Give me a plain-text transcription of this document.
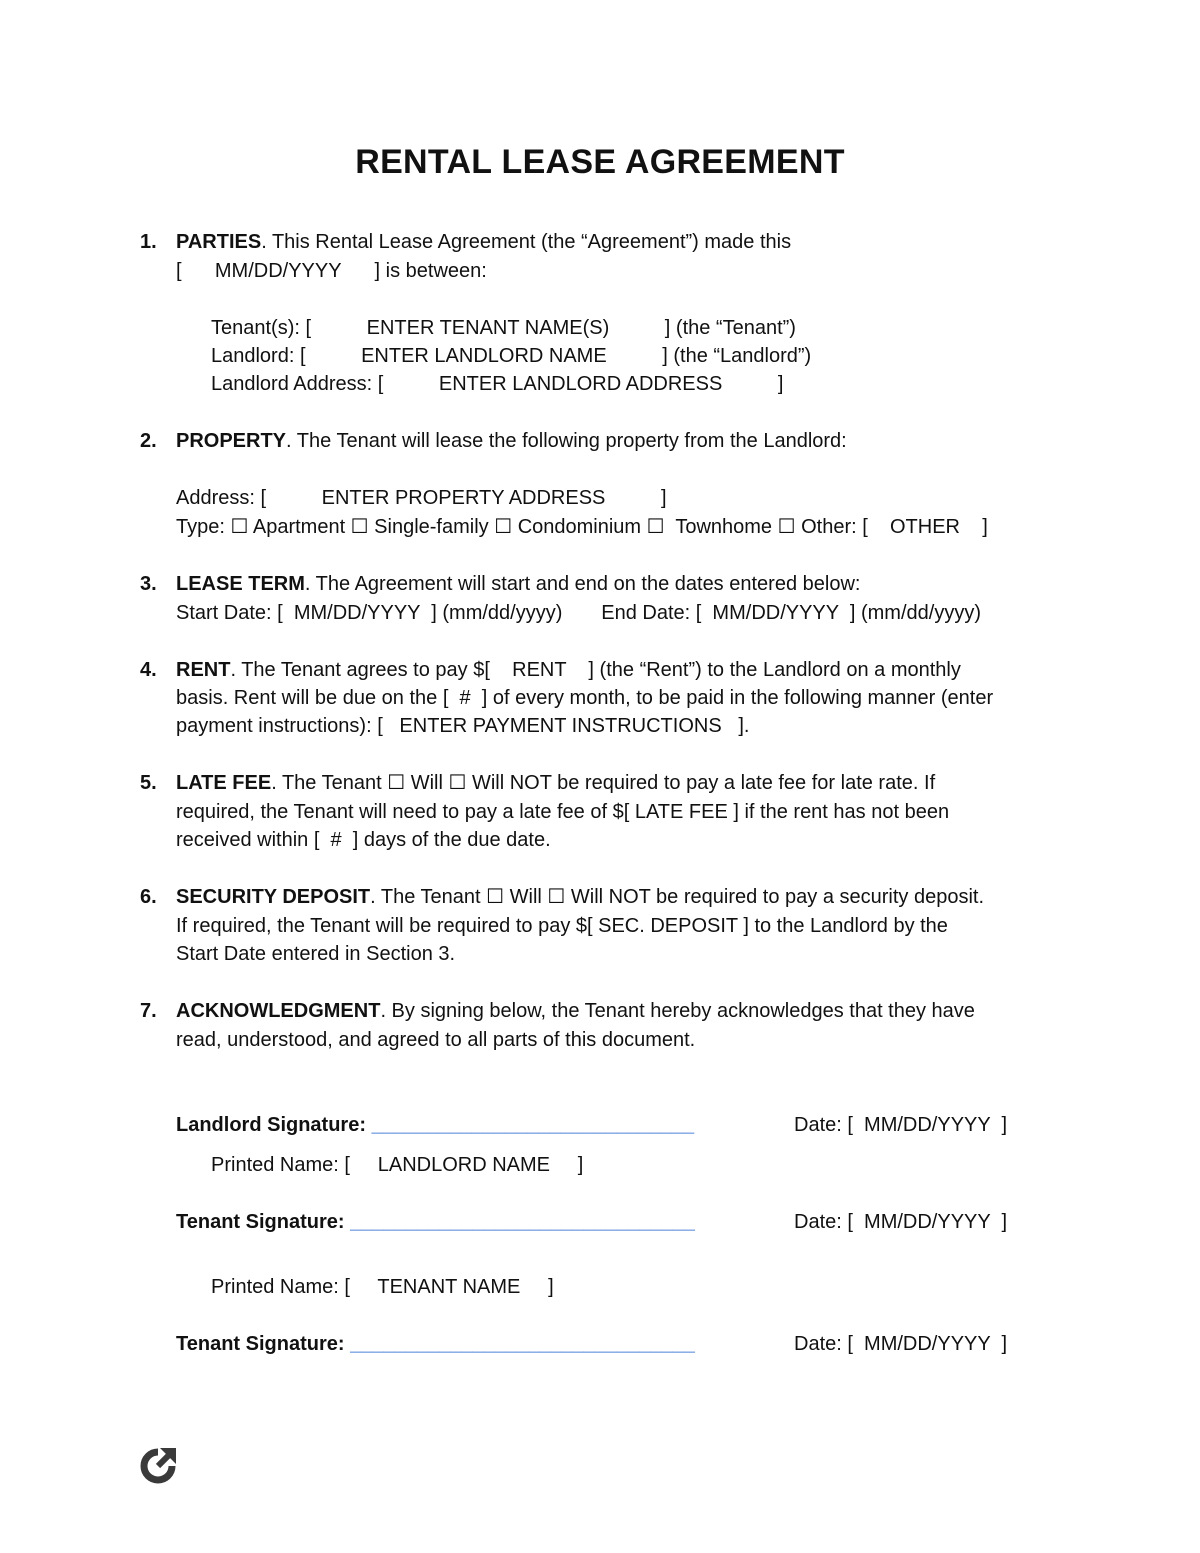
RENTAL LEASE AGREEMENT
1. PARTIES. This Rental Lease Agreement (the “Agreement”) made this
[      MM/DD/YYYY      ] is between:
Tenant(s): [          ENTER TENANT NAME(S)          ] (the “Tenant”)
Landlord: [          ENTER LANDLORD NAME          ] (the “Landlord”)
Landlord Address: [          ENTER LANDLORD ADDRESS          ]
2. PROPERTY. The Tenant will lease the following property from the Landlord:
Address: [          ENTER PROPERTY ADDRESS          ]
Type: ☐ Apartment ☐ Single-family ☐ Condominium ☐  Townhome ☐ Other: [    OTHER    ]
3. LEASE TERM. The Agreement will start and end on the dates entered below:
Start Date: [  MM/DD/YYYY  ] (mm/dd/yyyy)       End Date: [  MM/DD/YYYY  ] (mm/dd/yyyy)
4. RENT. The Tenant agrees to pay $[    RENT    ] (the “Rent”) to the Landlord on a monthly
basis. Rent will be due on the [  #  ] of every month, to be paid in the following manner (enter
payment instructions): [   ENTER PAYMENT INSTRUCTIONS   ].
5. LATE FEE. The Tenant ☐ Will ☐ Will NOT be required to pay a late fee for late rate. If
required, the Tenant will need to pay a late fee of $[ LATE FEE ] if the rent has not been
received within [  #  ] days of the due date.
6. SECURITY DEPOSIT. The Tenant ☐ Will ☐ Will NOT be required to pay a security deposit.
If required, the Tenant will be required to pay $[ SEC. DEPOSIT ] to the Landlord by the
Start Date entered in Section 3.
7. ACKNOWLEDGMENT. By signing below, the Tenant hereby acknowledges that they have
read, understood, and agreed to all parts of this document.
Landlord Signature: _____________________________	Date: [  MM/DD/YYYY  ]
Printed Name: [     LANDLORD NAME     ]
Tenant Signature: _______________________________	Date: [  MM/DD/YYYY  ]
Printed Name: [     TENANT NAME     ]
Tenant Signature: _______________________________	Date: [  MM/DD/YYYY  ]
